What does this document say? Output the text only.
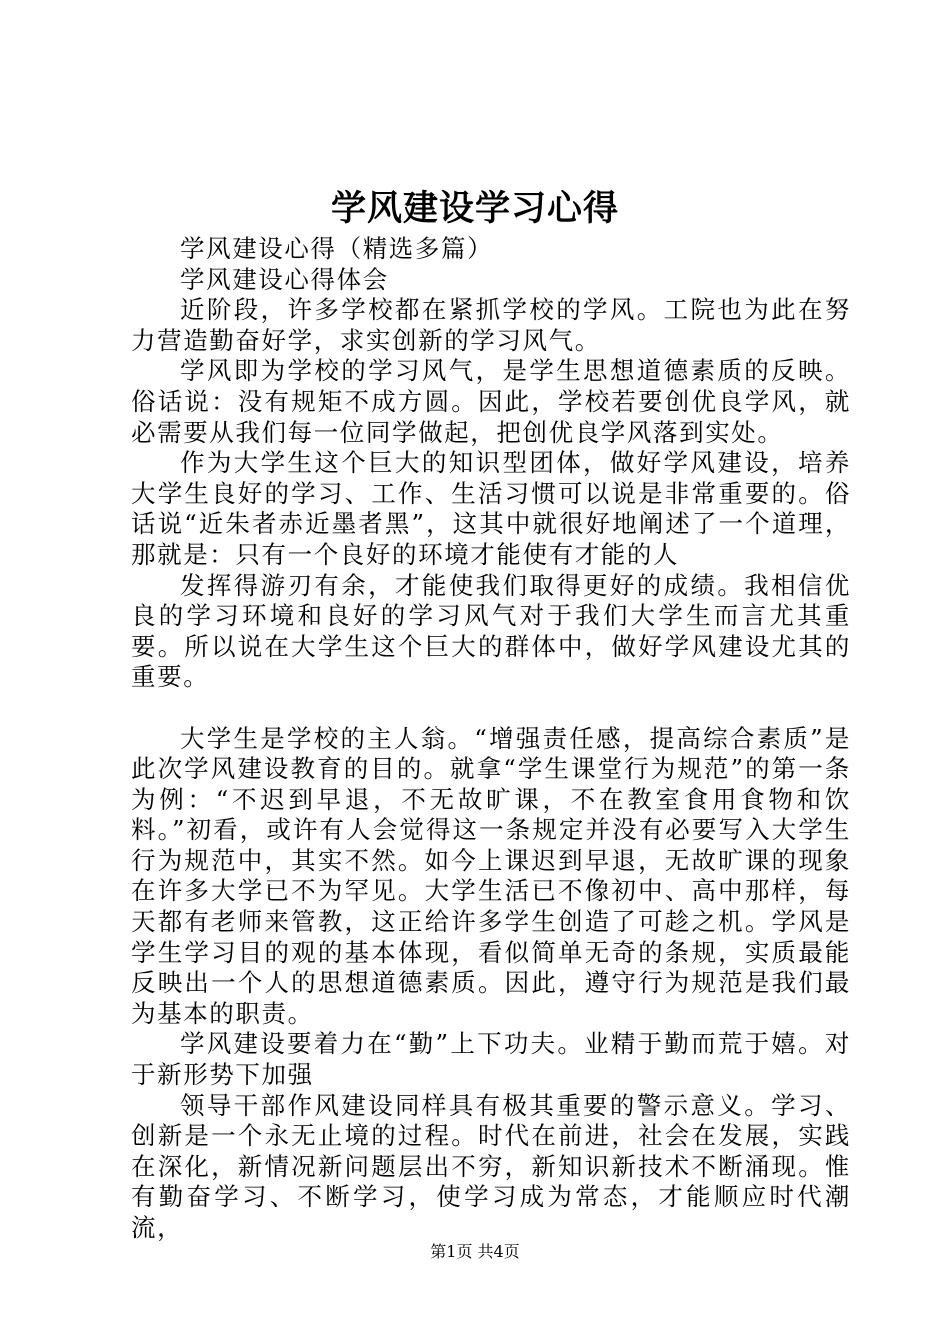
学风建设学习心得

学风建设心得（精选多篇）

学风建设心得体会

近阶段，许多学校都在紧抓学校的学风。工院也为此在努力营造勤奋好学，求实创新的学习风气。

学风即为学校的学习风气，是学生思想道德素质的反映。俗话说：没有规矩不成方圆。因此，学校若要创优良学风，就必需要从我们每一位同学做起，把创优良学风落到实处。

作为大学生这个巨大的知识型团体，做好学风建设，培养大学生良好的学习、工作、生活习惯可以说是非常重要的。俗话说“近朱者赤近墨者黑”，这其中就很好地阐述了一个道理，那就是：只有一个良好的环境才能使有才能的人

发挥得游刃有余，才能使我们取得更好的成绩。我相信优良的学习环境和良好的学习风气对于我们大学生而言尤其重要。所以说在大学生这个巨大的群体中，做好学风建设尤其的重要。

大学生是学校的主人翁。“增强责任感，提高综合素质”是此次学风建设教育的目的。就拿“学生课堂行为规范”的第一条为例：“不迟到早退，不无故旷课，不在教室食用食物和饮料。”初看，或许有人会觉得这一条规定并没有必要写入大学生行为规范中，其实不然。如今上课迟到早退，无故旷课的现象在许多大学已不为罕见。大学生活已不像初中、高中那样，每天都有老师来管教，这正给许多学生创造了可趁之机。学风是学生学习目的观的基本体现，看似简单无奇的条规，实质最能反映出一个人的思想道德素质。因此，遵守行为规范是我们最为基本的职责。

学风建设要着力在“勤”上下功夫。业精于勤而荒于嬉。对于新形势下加强

领导干部作风建设同样具有极其重要的警示意义。学习、创新是一个永无止境的过程。时代在前进，社会在发展，实践在深化，新情况新问题层出不穷，新知识新技术不断涌现。惟有勤奋学习、不断学习，使学习成为常态，才能顺应时代潮流，

第1页 共4页
